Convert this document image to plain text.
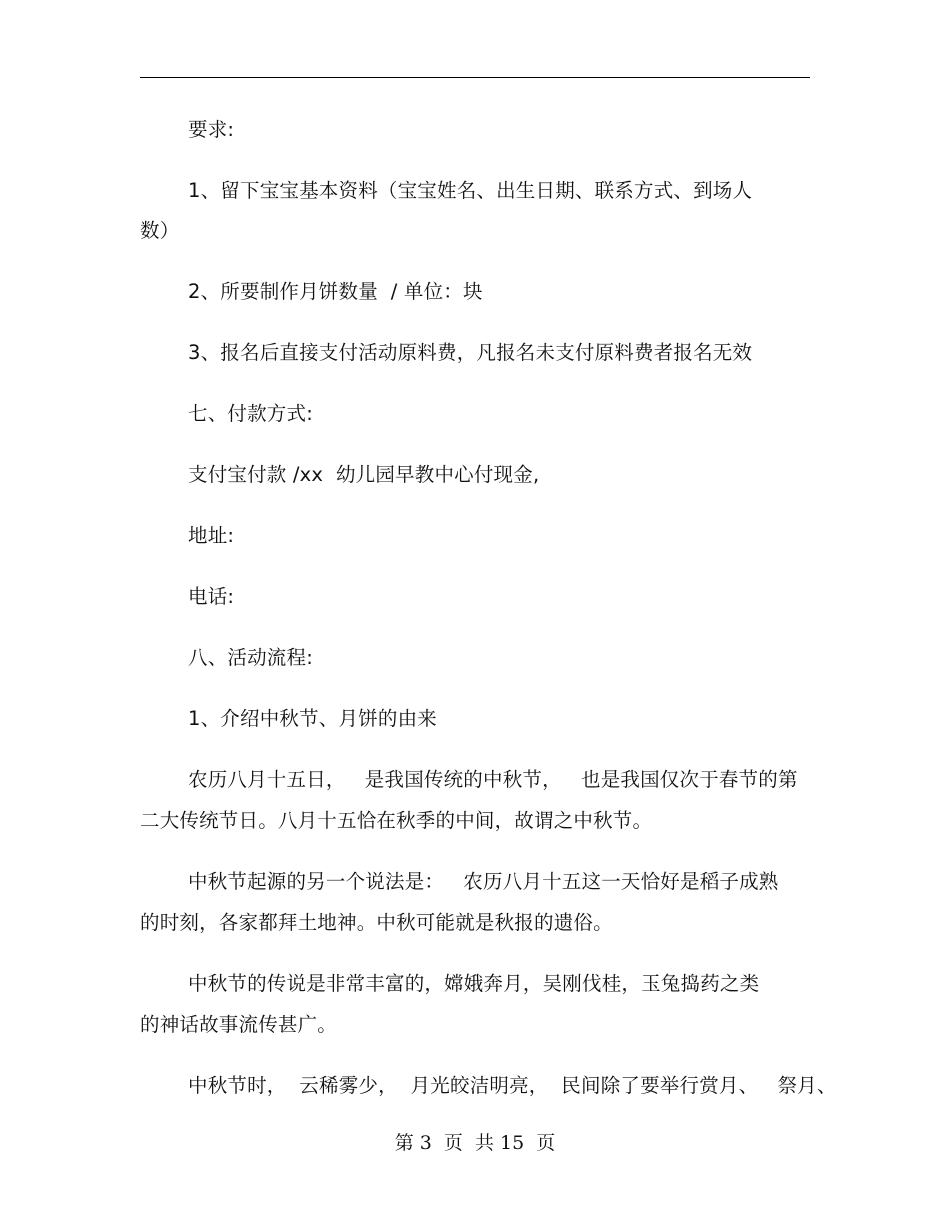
要求:
1、留下宝宝基本资料（宝宝姓名、出生日期、联系方式、到场人
数）
2、所要制作月饼数量  / 单位：块
3、报名后直接支付活动原料费，凡报名未支付原料费者报名无效
七、付款方式:
支付宝付款 /xx  幼儿园早教中心付现金,
地址:
电话:
八、活动流程:
1、介绍中秋节、月饼的由来
农历八月十五日，   是我国传统的中秋节，   也是我国仅次于春节的第
二大传统节日。八月十五恰在秋季的中间，故谓之中秋节。
中秋节起源的另一个说法是：   农历八月十五这一天恰好是稻子成熟
的时刻，各家都拜土地神。中秋可能就是秋报的遗俗。
中秋节的传说是非常丰富的，嫦娥奔月，吴刚伐桂，玉兔捣药之类
的神话故事流传甚广。
中秋节时，  云稀雾少，  月光皎洁明亮，  民间除了要举行赏月、   祭月、
第 3  页  共 15  页
